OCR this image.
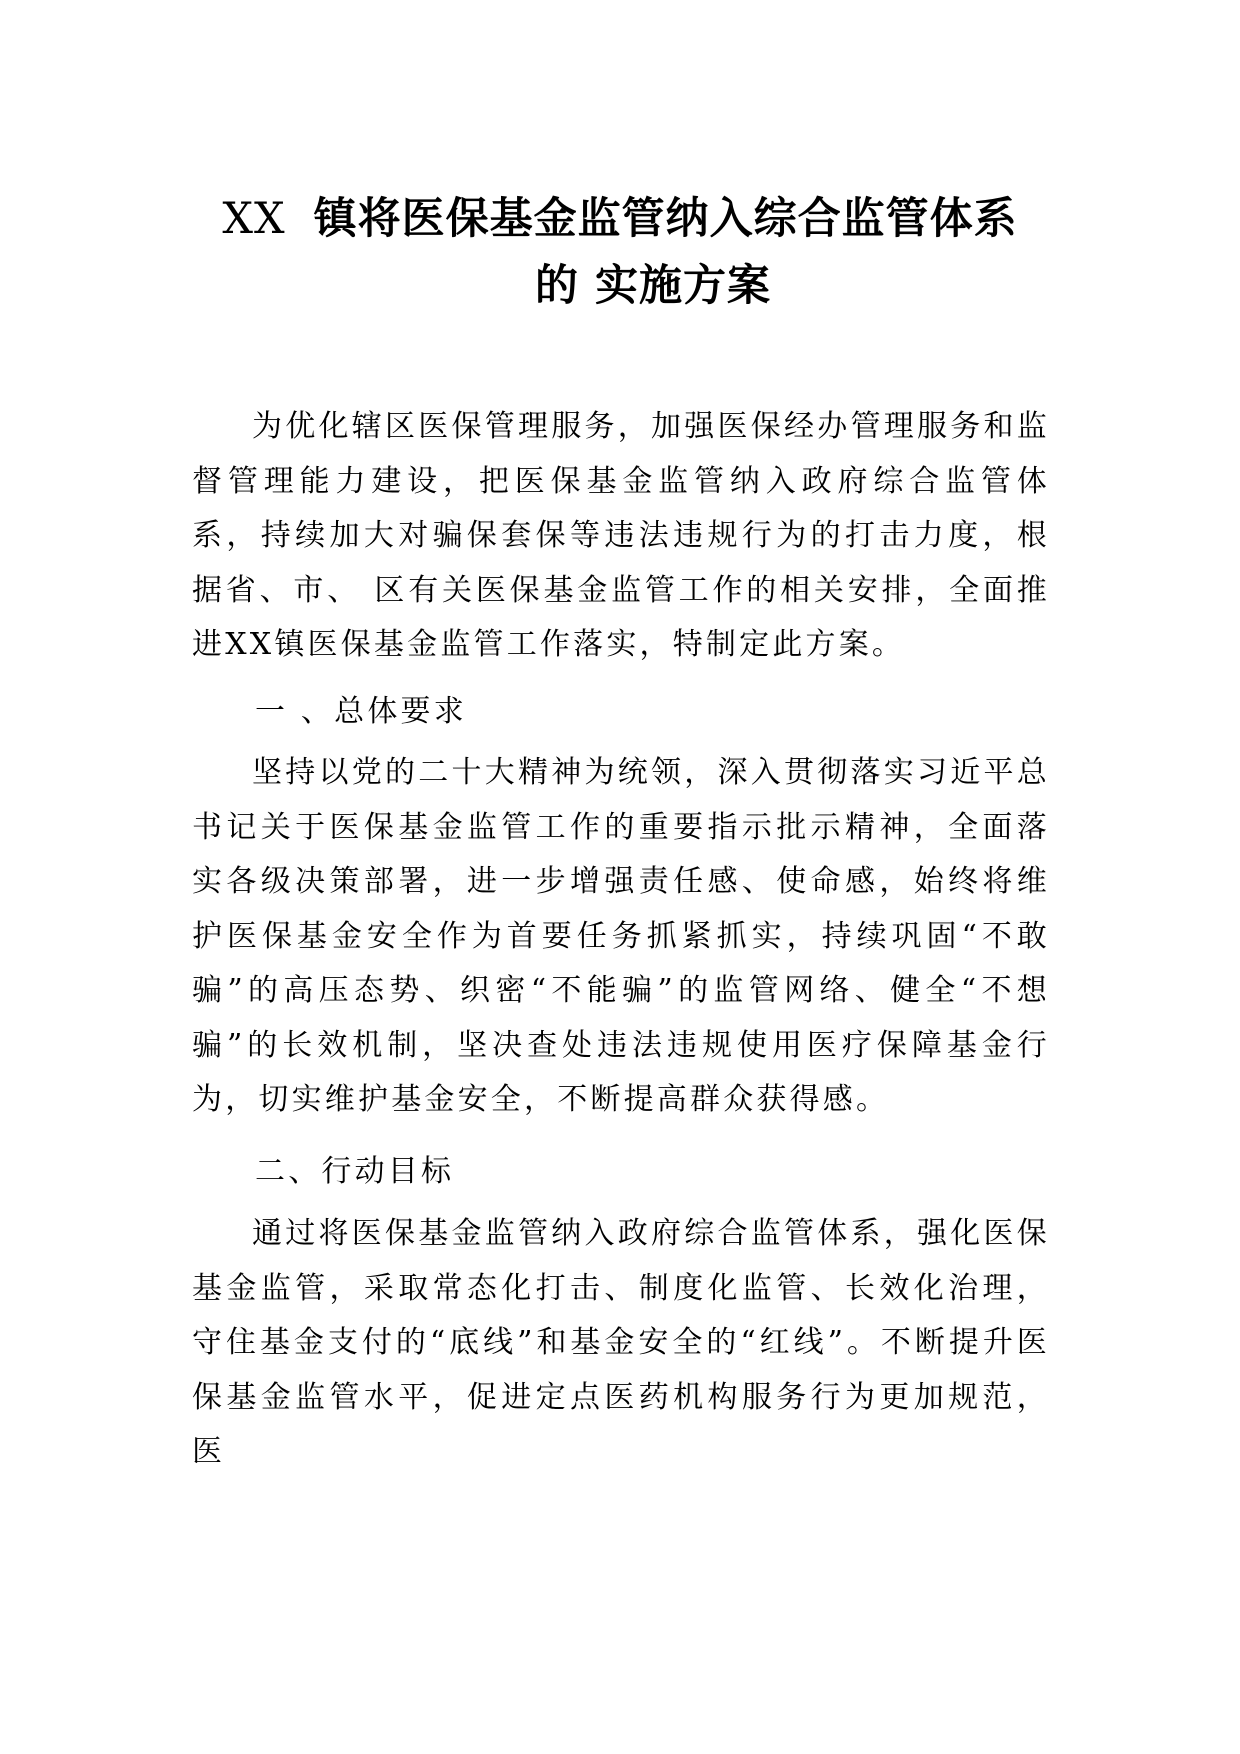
XX 镇将医保基金监管纳入综合监管体系
的 实施方案
为优化辖区医保管理服务，加强医保经办管理服务和监督管理能力建设，把医保基金监管纳入政府综合监管体系，持续加大对骗保套保等违法违规行为的打击力度，根据省、市、 区有关医保基金监管工作的相关安排，全面推进XX镇医保基金监管工作落实，特制定此方案。
一 、总体要求
坚持以党的二十大精神为统领，深入贯彻落实习近平总书记关于医保基金监管工作的重要指示批示精神，全面落实各级决策部署，进一步增强责任感、使命感，始终将维护医保基金安全作为首要任务抓紧抓实，持续巩固“不敢骗”的高压态势、织密“不能骗”的监管网络、健全“不想骗”的长效机制，坚决查处违法违规使用医疗保障基金行为，切实维护基金安全，不断提高群众获得感。
二、行动目标
通过将医保基金监管纳入政府综合监管体系，强化医保基金监管，采取常态化打击、制度化监管、长效化治理，守住基金支付的“底线”和基金安全的“红线”。不断提升医保基金监管水平，促进定点医药机构服务行为更加规范，医
